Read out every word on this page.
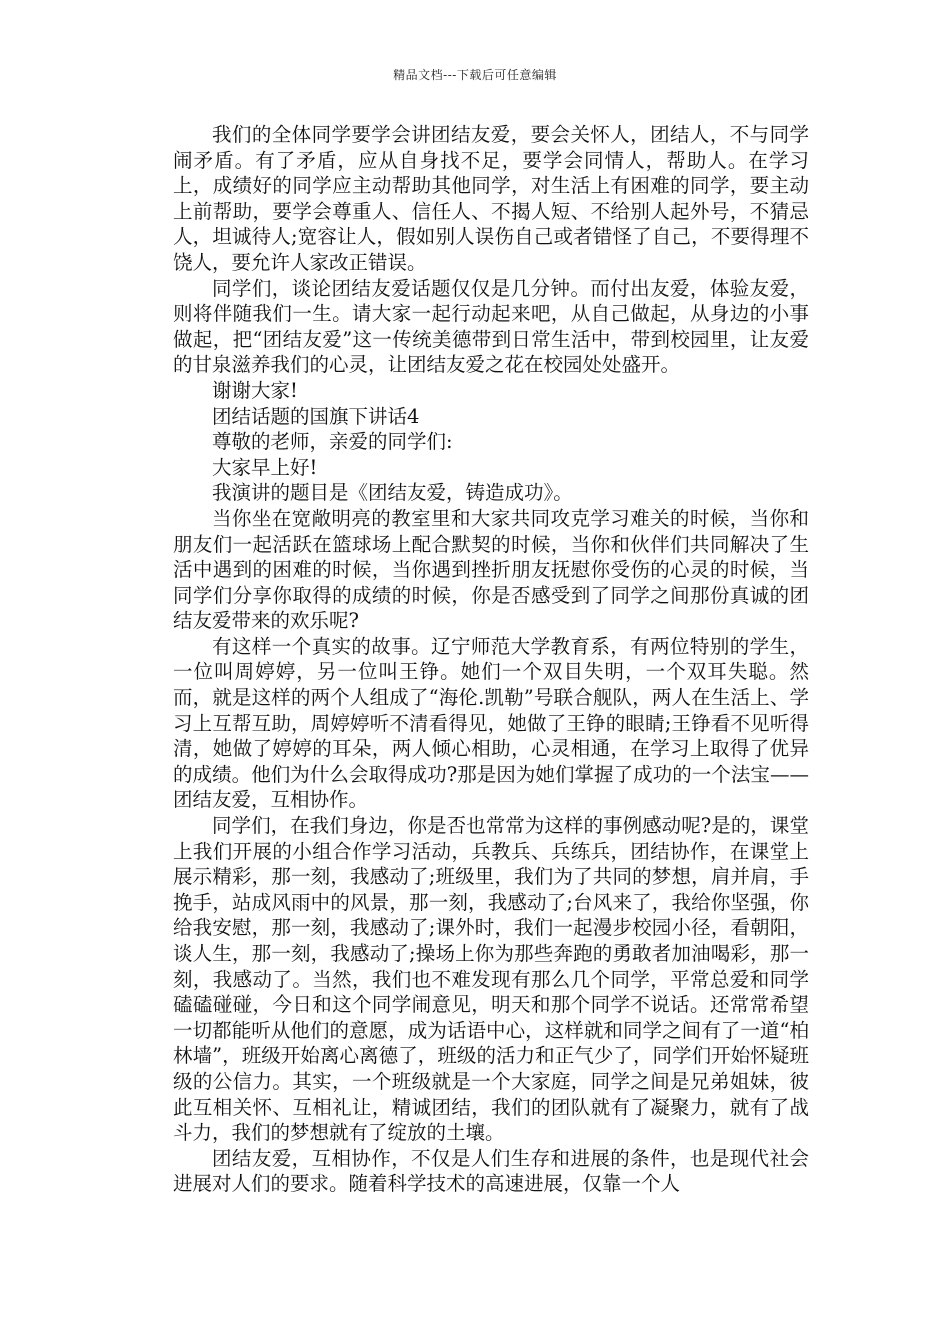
精品文档---下载后可任意编辑

我们的全体同学要学会讲团结友爱，要会关怀人，团结人，不与同学闹矛盾。有了矛盾，应从自身找不足，要学会同情人，帮助人。在学习上，成绩好的同学应主动帮助其他同学，对生活上有困难的同学，要主动上前帮助，要学会尊重人、信任人、不揭人短、不给别人起外号，不猜忌人，坦诚待人;宽容让人，假如别人误伤自己或者错怪了自己，不要得理不饶人，要允许人家改正错误。

同学们，谈论团结友爱话题仅仅是几分钟。而付出友爱，体验友爱，则将伴随我们一生。请大家一起行动起来吧，从自己做起，从身边的小事做起，把“团结友爱”这一传统美德带到日常生活中，带到校园里，让友爱的甘泉滋养我们的心灵，让团结友爱之花在校园处处盛开。

谢谢大家!

团结话题的国旗下讲话4

尊敬的老师，亲爱的同学们:

大家早上好!

我演讲的题目是《团结友爱，铸造成功》。

当你坐在宽敞明亮的教室里和大家共同攻克学习难关的时候，当你和朋友们一起活跃在篮球场上配合默契的时候，当你和伙伴们共同解决了生活中遇到的困难的时候，当你遇到挫折朋友抚慰你受伤的心灵的时候，当同学们分享你取得的成绩的时候，你是否感受到了同学之间那份真诚的团结友爱带来的欢乐呢?

有这样一个真实的故事。辽宁师范大学教育系，有两位特别的学生，一位叫周婷婷，另一位叫王铮。她们一个双目失明，一个双耳失聪。然而，就是这样的两个人组成了“海伦.凯勒”号联合舰队，两人在生活上、学习上互帮互助，周婷婷听不清看得见，她做了王铮的眼睛;王铮看不见听得清，她做了婷婷的耳朵，两人倾心相助，心灵相通，在学习上取得了优异的成绩。他们为什么会取得成功?那是因为她们掌握了成功的一个法宝——团结友爱，互相协作。

同学们，在我们身边，你是否也常常为这样的事例感动呢?是的，课堂上我们开展的小组合作学习活动，兵教兵、兵练兵，团结协作，在课堂上展示精彩，那一刻，我感动了;班级里，我们为了共同的梦想，肩并肩，手挽手，站成风雨中的风景，那一刻，我感动了;台风来了，我给你坚强，你给我安慰，那一刻，我感动了;课外时，我们一起漫步校园小径，看朝阳，谈人生，那一刻，我感动了;操场上你为那些奔跑的勇敢者加油喝彩，那一刻，我感动了。当然，我们也不难发现有那么几个同学，平常总爱和同学磕磕碰碰，今日和这个同学闹意见，明天和那个同学不说话。还常常希望一切都能听从他们的意愿，成为话语中心，这样就和同学之间有了一道“柏林墙”，班级开始离心离德了，班级的活力和正气少了，同学们开始怀疑班级的公信力。其实，一个班级就是一个大家庭，同学之间是兄弟姐妹，彼此互相关怀、互相礼让，精诚团结，我们的团队就有了凝聚力，就有了战斗力，我们的梦想就有了绽放的土壤。

团结友爱，互相协作，不仅是人们生存和进展的条件，也是现代社会进展对人们的要求。随着科学技术的高速进展，仅靠一个人
